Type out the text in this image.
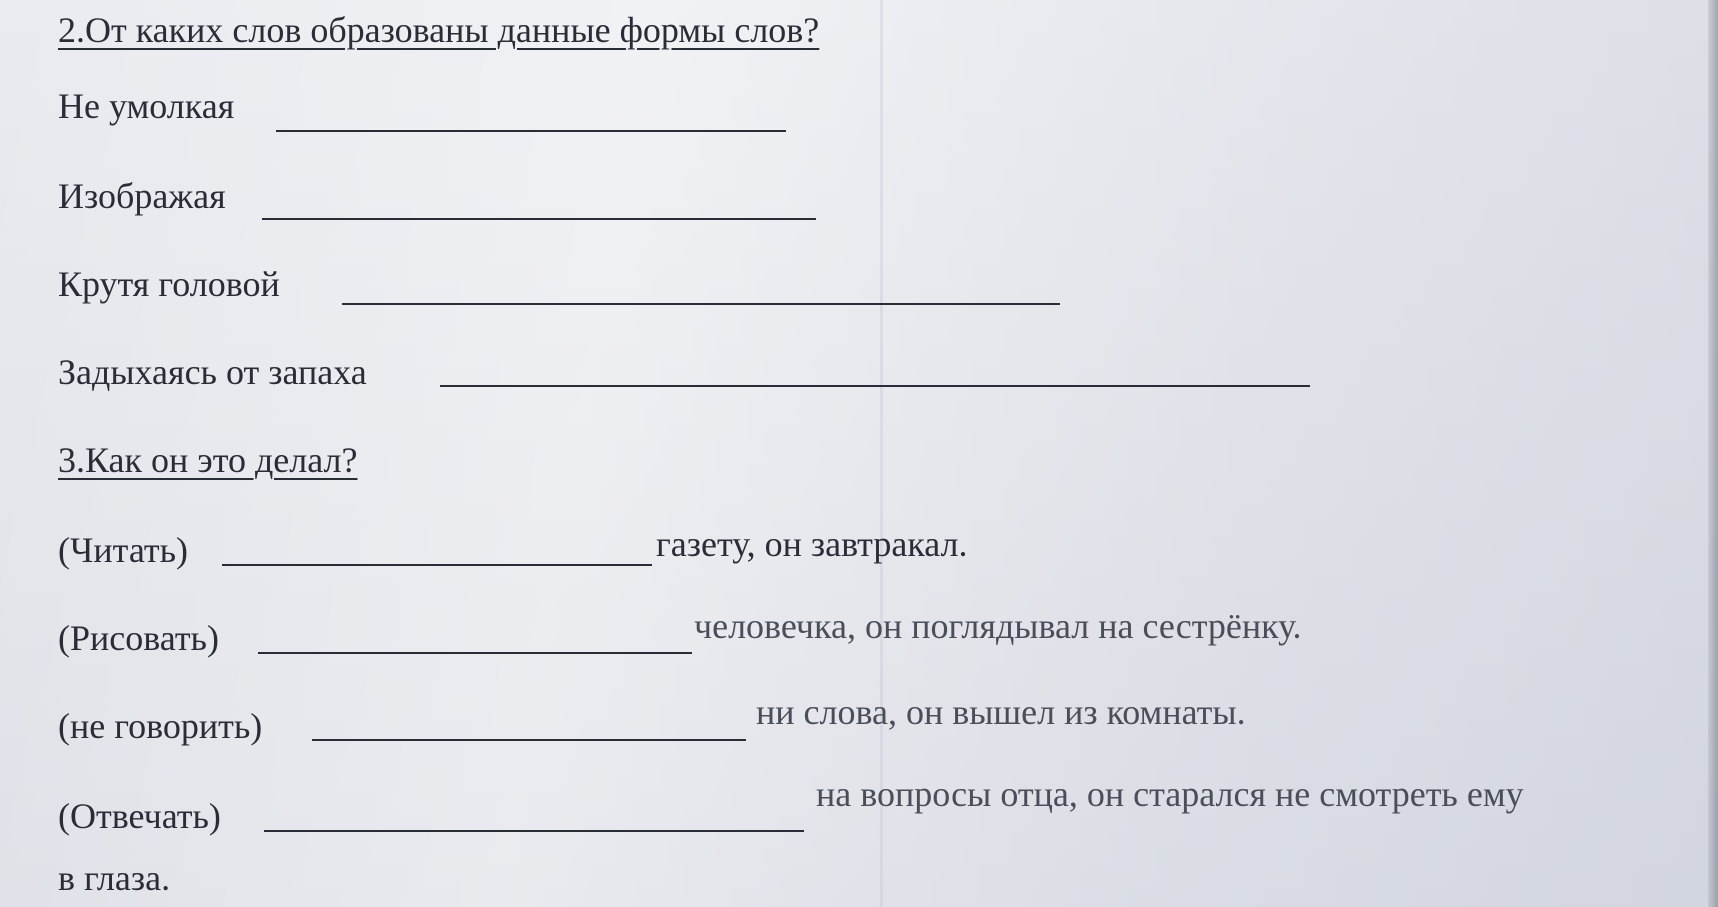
2.От каких слов образованы данные формы слов?
Не умолкая
Изображая
Крутя головой
Задыхаясь от запаха
3.Как он это делал?
(Читать)	газету, он завтракал.
(Рисовать)	человечка, он поглядывал на сестрёнку.
(не говорить)	ни слова, он вышел из комнаты.
(Отвечать)
на вопросы отца, он старался не смотреть ему
в глаза.
